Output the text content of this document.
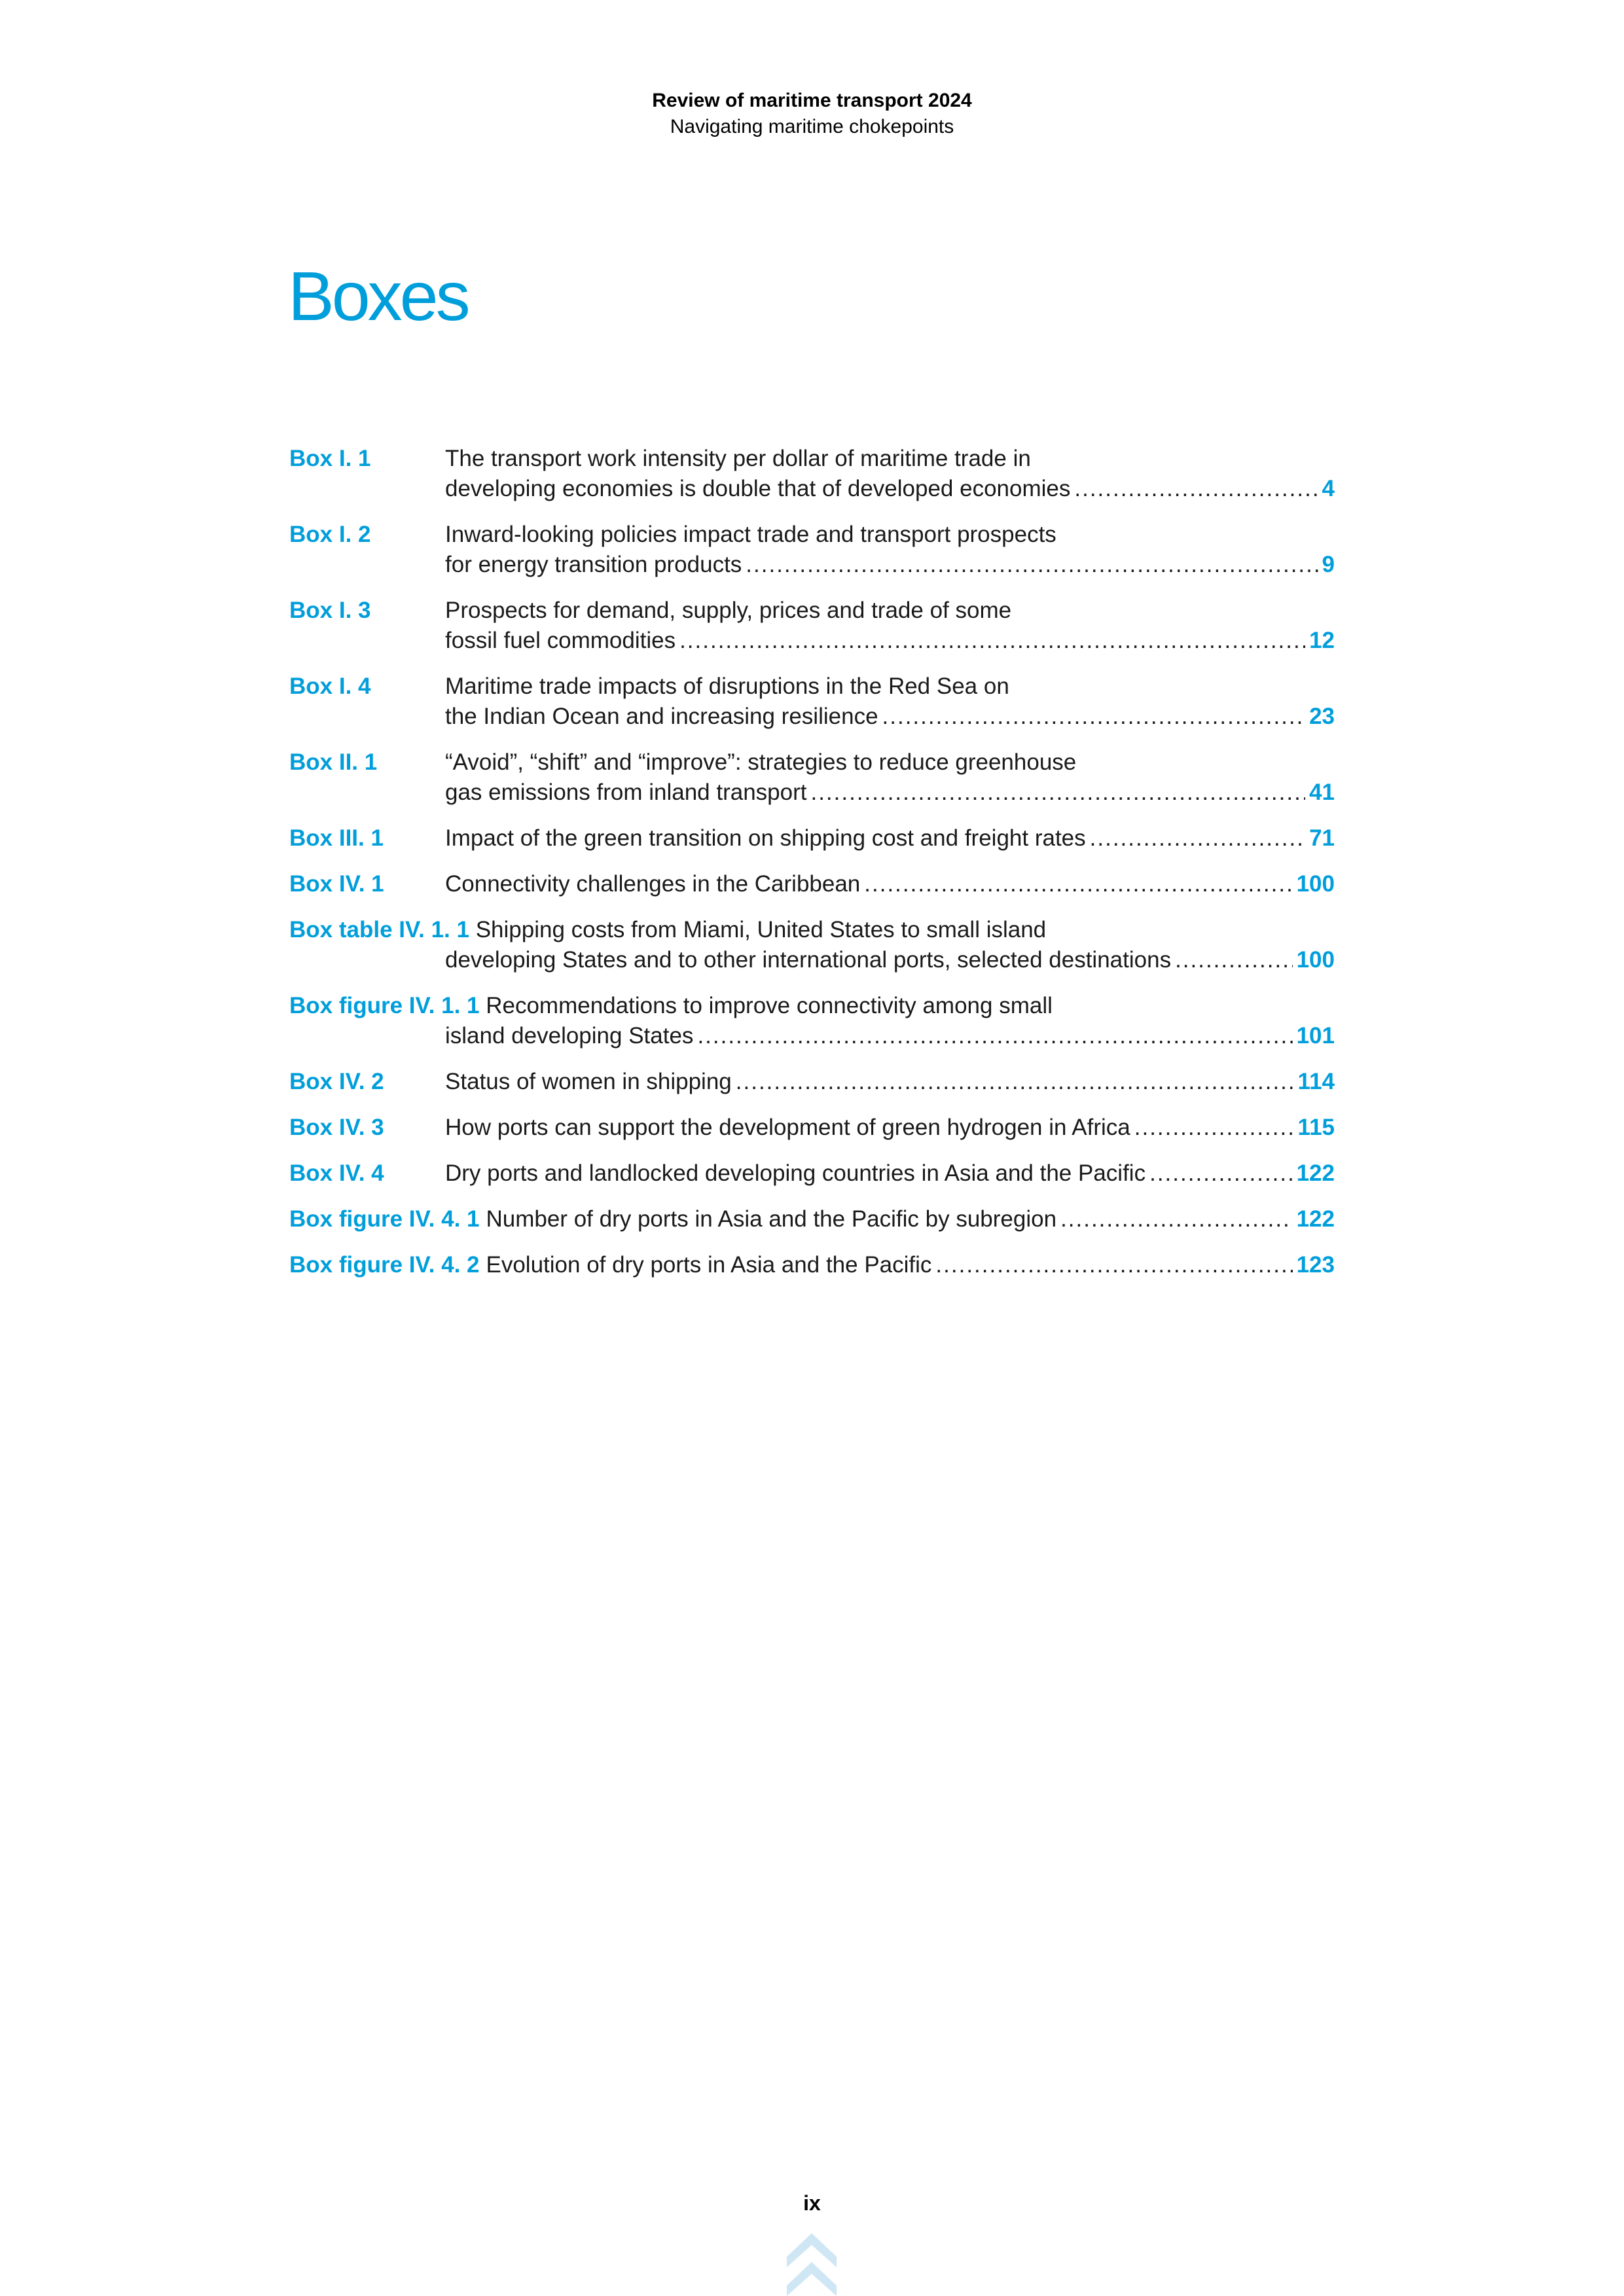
Review of maritime transport 2024
Navigating maritime chokepoints
Boxes
Box I. 1	The transport work intensity per dollar of maritime trade in
developing economies is double that of developed economies .....	4
Box I. 2	Inward-looking policies impact trade and transport prospects
for energy transition products .....	9
Box I. 3	Prospects for demand, supply, prices and trade of some
fossil fuel commodities .....	12
Box I. 4	Maritime trade impacts of disruptions in the Red Sea on
the Indian Ocean and increasing resilience .....	23
Box II. 1	“Avoid”, “shift” and “improve”: strategies to reduce greenhouse
gas emissions from inland transport .....	41
Box III. 1	Impact of the green transition on shipping cost and freight rates .....	71
Box IV. 1	Connectivity challenges in the Caribbean .....	100
Box table IV. 1. 1 Shipping costs from Miami, United States to small island
developing States and to other international ports, selected destinations .....	100
Box figure IV. 1. 1 Recommendations to improve connectivity among small
island developing States .....	101
Box IV. 2	Status of women in shipping .....	114
Box IV. 3	How ports can support the development of green hydrogen in Africa .....	115
Box IV. 4	Dry ports and landlocked developing countries in Asia and the Pacific .....	122
Box figure IV. 4. 1 Number of dry ports in Asia and the Pacific by subregion .....	122
Box figure IV. 4. 2 Evolution of dry ports in Asia and the Pacific .....	123
ix
